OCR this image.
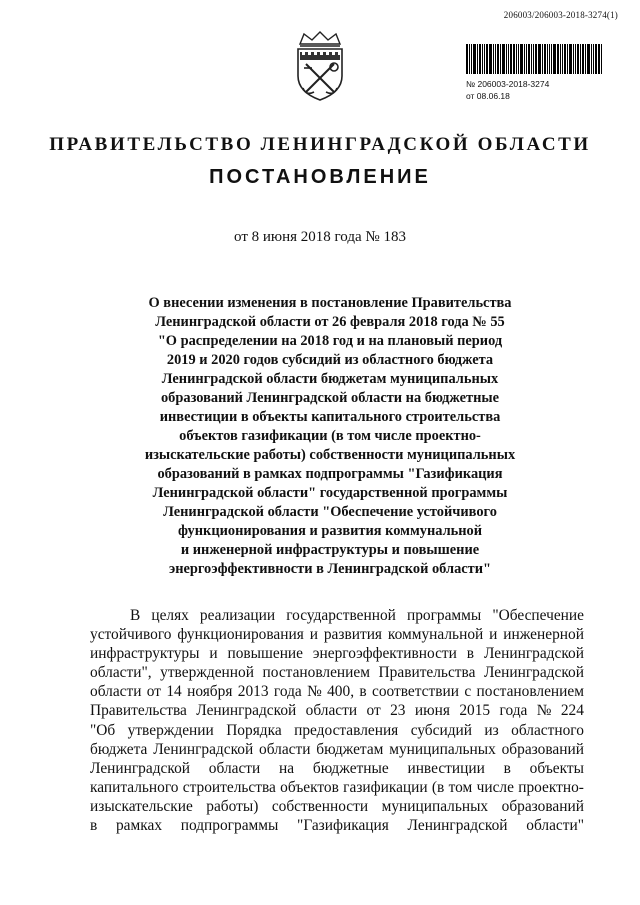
206003/206003-2018-3274(1)
№ 206003-2018-3274
от 08.06.18
ПРАВИТЕЛЬСТВО ЛЕНИНГРАДСКОЙ ОБЛАСТИ
ПОСТАНОВЛЕНИЕ
от 8 июня 2018 года № 183
О внесении изменения в постановление Правительства
Ленинградской области от 26 февраля 2018 года № 55
"О распределении на 2018 год и на плановый период
2019 и 2020 годов субсидий из областного бюджета
Ленинградской области бюджетам муниципальных
образований Ленинградской области на бюджетные
инвестиции в объекты капитального строительства
объектов газификации (в том числе проектно-
изыскательские работы) собственности муниципальных
образований в рамках подпрограммы "Газификация
Ленинградской области" государственной программы
Ленинградской области "Обеспечение устойчивого
функционирования и развития коммунальной
и инженерной инфраструктуры и повышение
энергоэффективности в Ленинградской области"
В целях реализации государственной программы "Обеспечение
устойчивого функционирования и развития коммунальной и инженерной
инфраструктуры и повышение энергоэффективности в Ленинградской
области", утвержденной постановлением Правительства Ленинградской
области от 14 ноября 2013 года № 400, в соответствии с постановлением
Правительства Ленинградской области от 23 июня 2015 года № 224
"Об утверждении Порядка предоставления субсидий из областного
бюджета Ленинградской области бюджетам муниципальных образований
Ленинградской области на бюджетные инвестиции в объекты
капитального строительства объектов газификации (в том числе проектно-
изыскательские работы) собственности муниципальных образований
в рамках подпрограммы "Газификация Ленинградской области"
